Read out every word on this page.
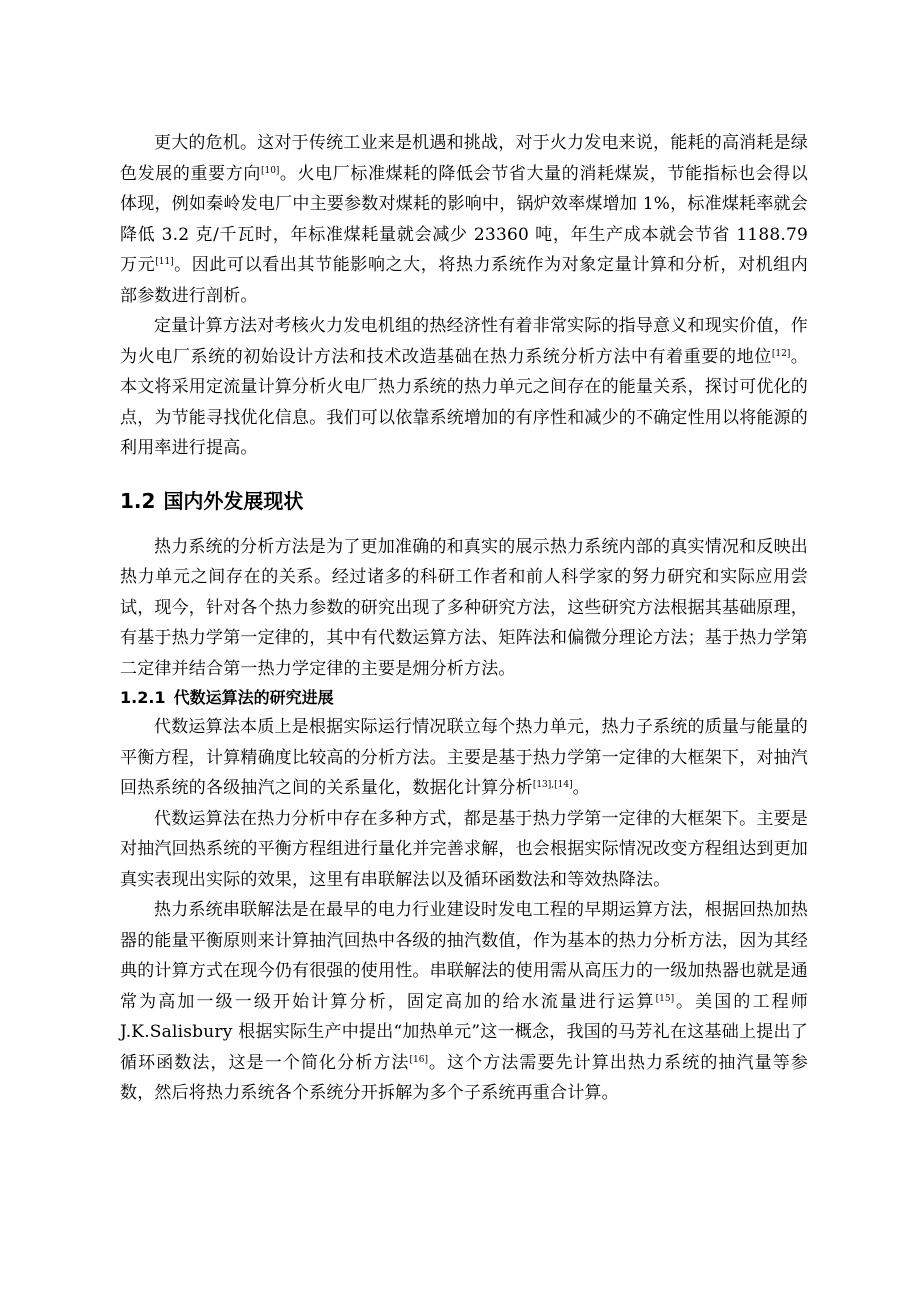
更大的危机。这对于传统工业来是机遇和挑战，对于火力发电来说，能耗的高消耗是绿色发展的重要方向[10]。火电厂标准煤耗的降低会节省大量的消耗煤炭，节能指标也会得以体现，例如秦岭发电厂中主要参数对煤耗的影响中，锅炉效率煤增加 1%，标准煤耗率就会降低 3.2 克/千瓦时，年标准煤耗量就会减少 23360 吨，年生产成本就会节省 1188.79 万元[11]。因此可以看出其节能影响之大，将热力系统作为对象定量计算和分析，对机组内部参数进行剖析。

定量计算方法对考核火力发电机组的热经济性有着非常实际的指导意义和现实价值，作为火电厂系统的初始设计方法和技术改造基础在热力系统分析方法中有着重要的地位[12]。本文将采用定流量计算分析火电厂热力系统的热力单元之间存在的能量关系，探讨可优化的点，为节能寻找优化信息。我们可以依靠系统增加的有序性和减少的不确定性用以将能源的利用率进行提高。

1.2 国内外发展现状

热力系统的分析方法是为了更加准确的和真实的展示热力系统内部的真实情况和反映出热力单元之间存在的关系。经过诸多的科研工作者和前人科学家的努力研究和实际应用尝试，现今，针对各个热力参数的研究出现了多种研究方法，这些研究方法根据其基础原理，有基于热力学第一定律的，其中有代数运算方法、矩阵法和偏微分理论方法；基于热力学第二定律并结合第一热力学定律的主要是㶲分析方法。

1.2.1 代数运算法的研究进展

代数运算法本质上是根据实际运行情况联立每个热力单元，热力子系统的质量与能量的平衡方程，计算精确度比较高的分析方法。主要是基于热力学第一定律的大框架下，对抽汽回热系统的各级抽汽之间的关系量化，数据化计算分析[13],[14]。

代数运算法在热力分析中存在多种方式，都是基于热力学第一定律的大框架下。主要是对抽汽回热系统的平衡方程组进行量化并完善求解，也会根据实际情况改变方程组达到更加真实表现出实际的效果，这里有串联解法以及循环函数法和等效热降法。

热力系统串联解法是在最早的电力行业建设时发电工程的早期运算方法，根据回热加热器的能量平衡原则来计算抽汽回热中各级的抽汽数值，作为基本的热力分析方法，因为其经典的计算方式在现今仍有很强的使用性。串联解法的使用需从高压力的一级加热器也就是通常为高加一级一级开始计算分析，固定高加的给水流量进行运算[15]。美国的工程师 J.K.Salisbury 根据实际生产中提出“加热单元”这一概念，我国的马芳礼在这基础上提出了循环函数法，这是一个简化分析方法[16]。这个方法需要先计算出热力系统的抽汽量等参数，然后将热力系统各个系统分开拆解为多个子系统再重合计算。
